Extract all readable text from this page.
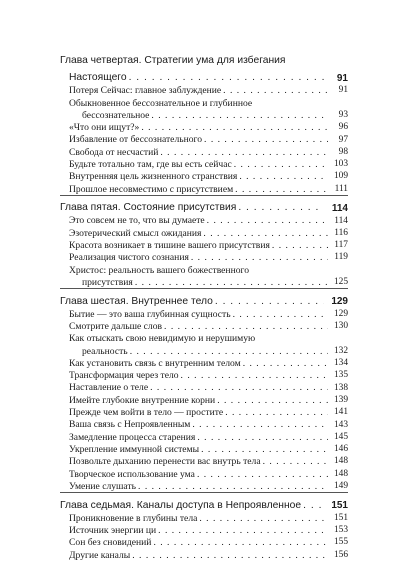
Глава четвертая. Стратегии ума для избегания
Настоящего . . .	91
Потеря Сейчас: главное заблуждение . . .	91
Обыкновенное бессознательное и глубинное
бессознательное . . .	93
«Что они ищут?» . . .	96
Избавление от бессознательного . . .	97
Свобода от несчастий . . .	98
Будьте тотально там, где вы есть сейчас . . .	103
Внутренняя цель жизненного странствия . . .	109
Прошлое несовместимо с присутствием . . .	111
Глава пятая. Состояние присутствия . . .	114
Это совсем не то, что вы думаете . . .	114
Эзотерический смысл ожидания . . .	116
Красота возникает в тишине вашего присутствия . . .	117
Реализация чистого сознания . . .	119
Христос: реальность вашего божественного
присутствия . . .	125
Глава шестая. Внутреннее тело . . .	129
Бытие — это ваша глубинная сущность . . .	129
Смотрите дальше слов . . .	130
Как отыскать свою невидимую и нерушимую
реальность . . .	132
Как установить связь с внутренним телом . . .	134
Трансформация через тело . . .	135
Наставление о теле . . .	138
Имейте глубокие внутренние корни . . .	139
Прежде чем войти в тело — простите . . .	141
Ваша связь с Непроявленным . . .	143
Замедление процесса старения . . .	145
Укрепление иммунной системы . . .	146
Позвольте дыханию перенести вас внутрь тела . . .	148
Творческое использование ума . . .	148
Умение слушать . . .	149
Глава седьмая. Каналы доступа в Непроявленное . . .	151
Проникновение в глубины тела . . .	151
Источник энергии ци . . .	153
Сон без сновидений . . .	155
Другие каналы . . .	156
